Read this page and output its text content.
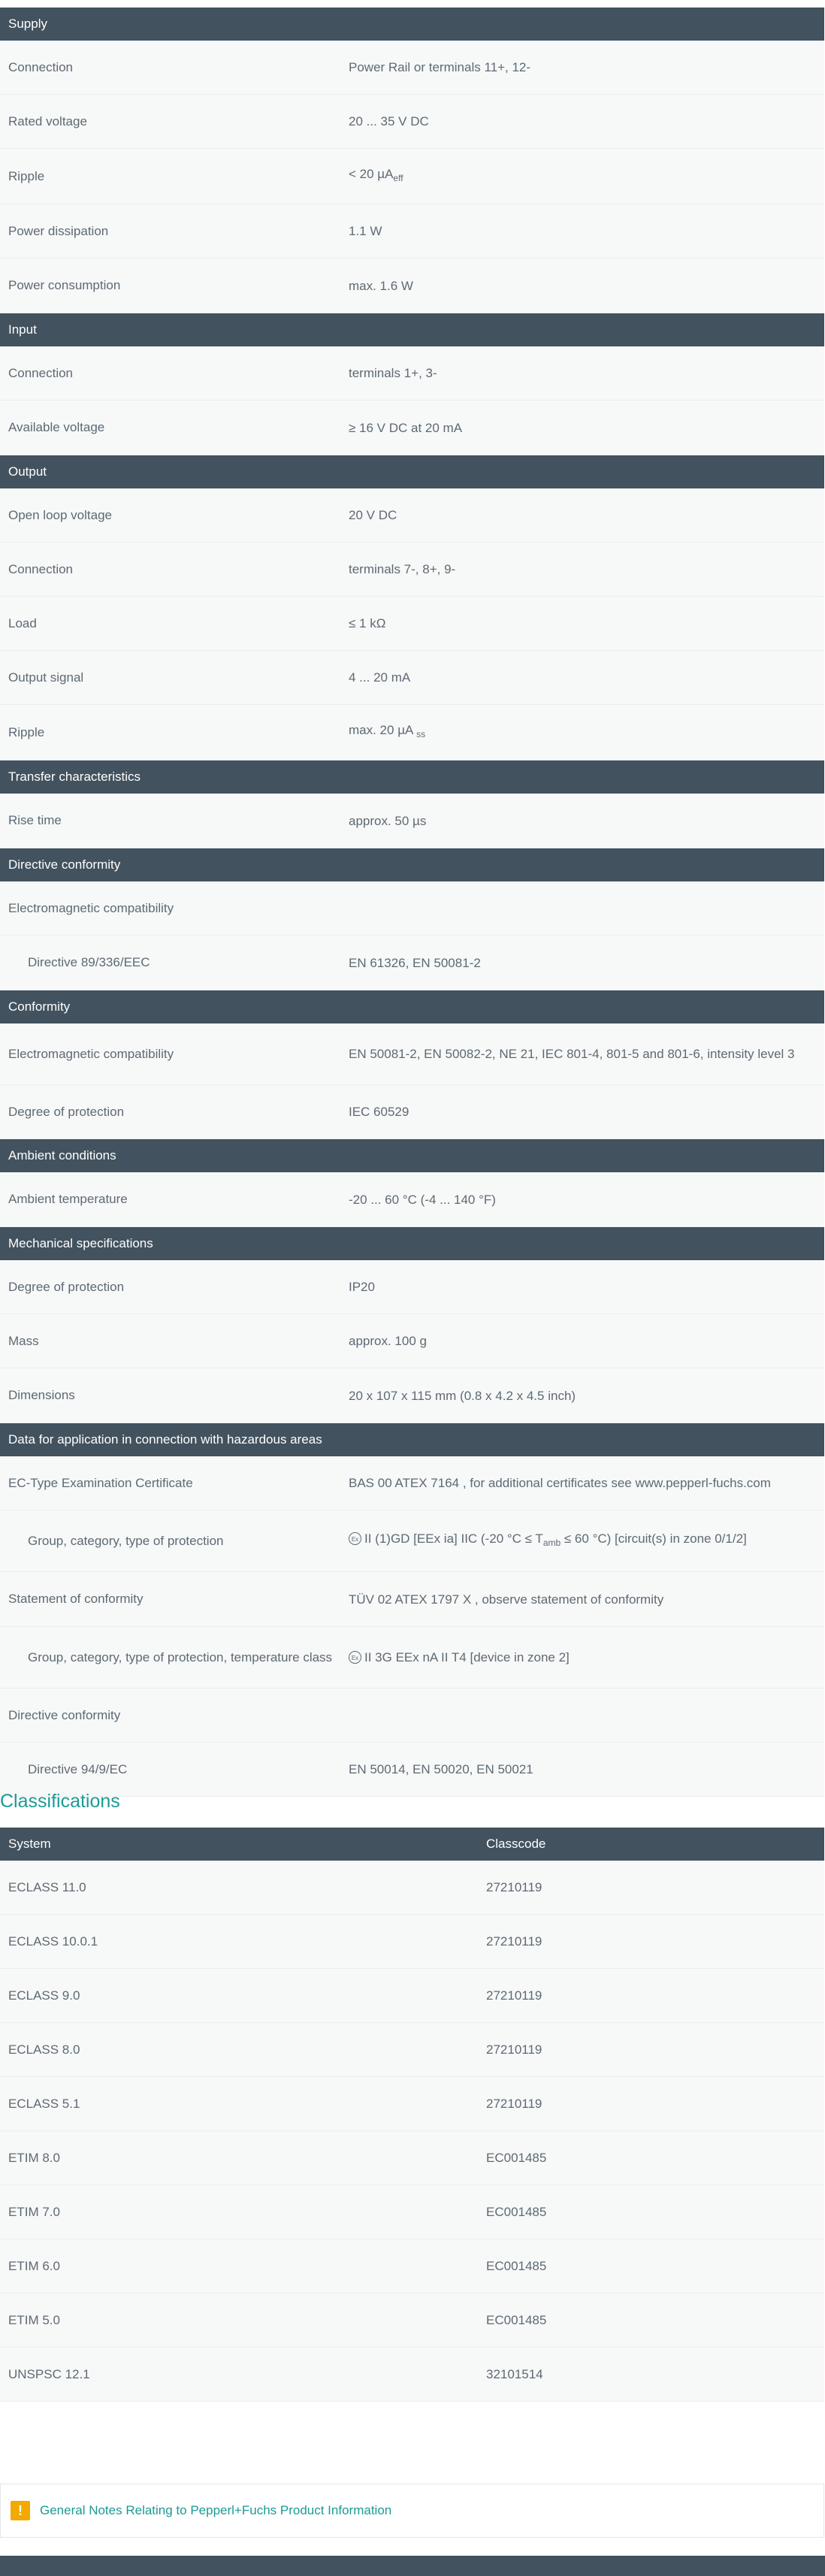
Supply
Connection	Power Rail or terminals 11+, 12-
Rated voltage	20 ... 35 V DC
Ripple	< 20 µA$_{eff}$
Power dissipation	1.1 W
Power consumption	max. 1.6 W
Input
Connection	terminals 1+, 3-
Available voltage	≥ 16 V DC at 20 mA
Output
Open loop voltage	20 V DC
Connection	terminals 7-, 8+, 9-
Load	≤ 1 kΩ
Output signal	4 ... 20 mA
Ripple	max. 20 µA $_{ss}$
Transfer characteristics
Rise time	approx. 50 µs
Directive conformity
Electromagnetic compatibility
Directive 89/336/EEC	EN 61326, EN 50081-2
Conformity
Electromagnetic compatibility	EN 50081-2, EN 50082-2, NE 21, IEC 801-4, 801-5 and 801-6, intensity level 3
Degree of protection	IEC 60529
Ambient conditions
Ambient temperature	-20 ... 60 °C (-4 ... 140 °F)
Mechanical specifications
Degree of protection	IP20
Mass	approx. 100 g
Dimensions	20 x 107 x 115 mm (0.8 x 4.2 x 4.5 inch)
Data for application in connection with hazardous areas
EC-Type Examination Certificate	BAS 00 ATEX 7164 , for additional certificates see www.pepperl-fuchs.com
Group, category, type of protection	Ex II (1)GD [EEx ia] IIC (-20 $^\circ C \le T_{amb} \le 60$ °C) [circuit(s) in zone 0/1/2]
Statement of conformity	TÜV 02 ATEX 1797 X , observe statement of conformity
Group, category, type of protection, temperature class	Ex II 3G EEx nA II T4 [device in zone 2]
Directive conformity
Directive 94/9/EC	EN 50014, EN 50020, EN 50021
Classifications
System	Classcode
ECLASS 11.0	27210119
ECLASS 10.0.1	27210119
ECLASS 9.0	27210119
ECLASS 8.0	27210119
ECLASS 5.1	27210119
ETIM 8.0	EC001485
ETIM 7.0	EC001485
ETIM 6.0	EC001485
ETIM 5.0	EC001485
UNSPSC 12.1	32101514
!	General Notes Relating to Pepperl+Fuchs Product Information
